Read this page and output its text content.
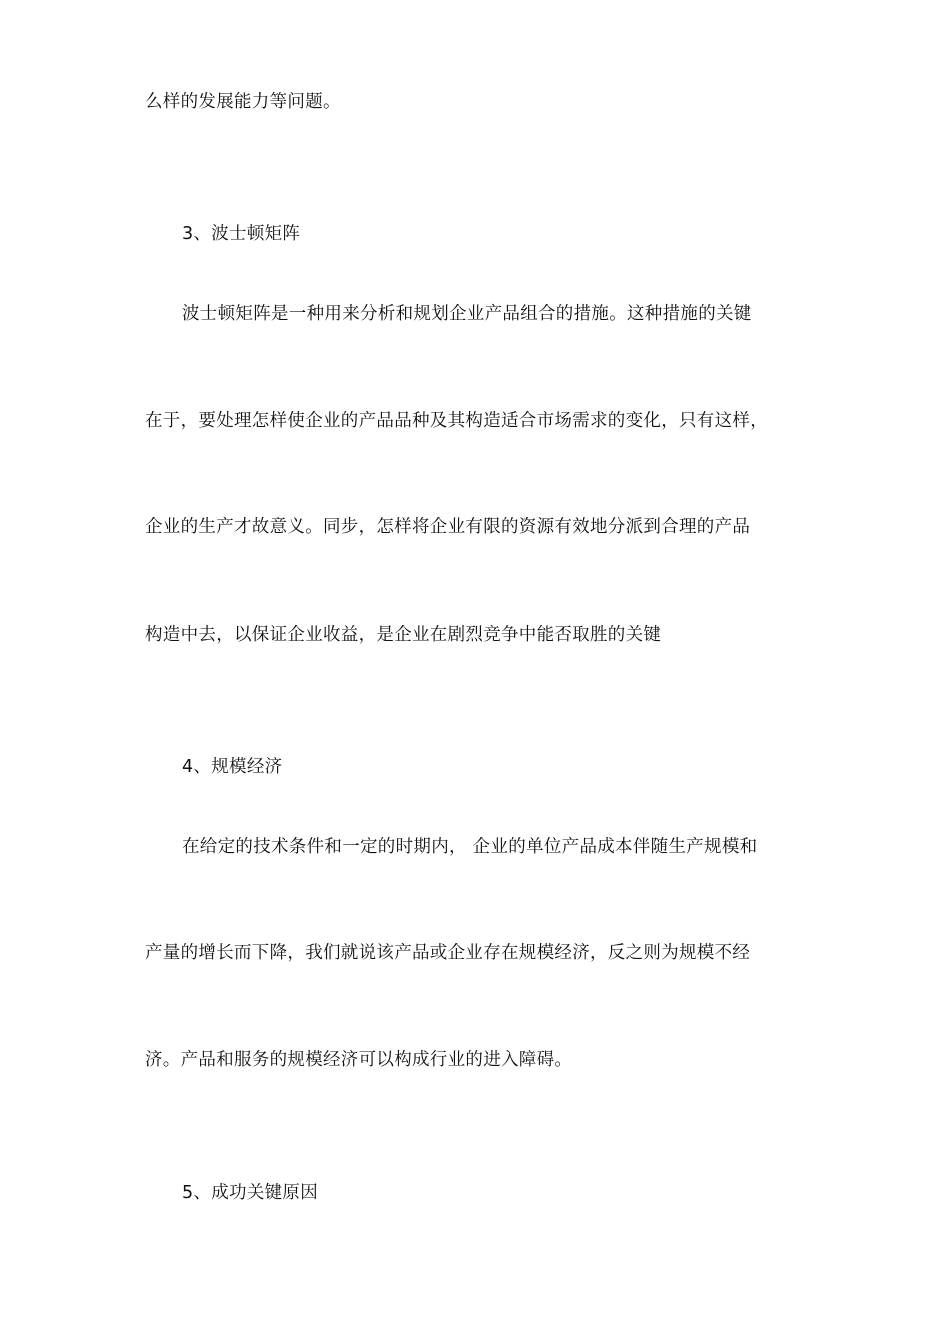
么样的发展能力等问题。
3、波士顿矩阵
波士顿矩阵是一种用来分析和规划企业产品组合的措施。这种措施的关键
在于，要处理怎样使企业的产品品种及其构造适合市场需求的变化，只有这样，
企业的生产才故意义。同步，怎样将企业有限的资源有效地分派到合理的产品
构造中去，以保证企业收益，是企业在剧烈竞争中能否取胜的关键
4、规模经济
在给定的技术条件和一定的时期内， 企业的单位产品成本伴随生产规模和
产量的增长而下降，我们就说该产品或企业存在规模经济，反之则为规模不经
济。产品和服务的规模经济可以构成行业的进入障碍。
5、成功关键原因
